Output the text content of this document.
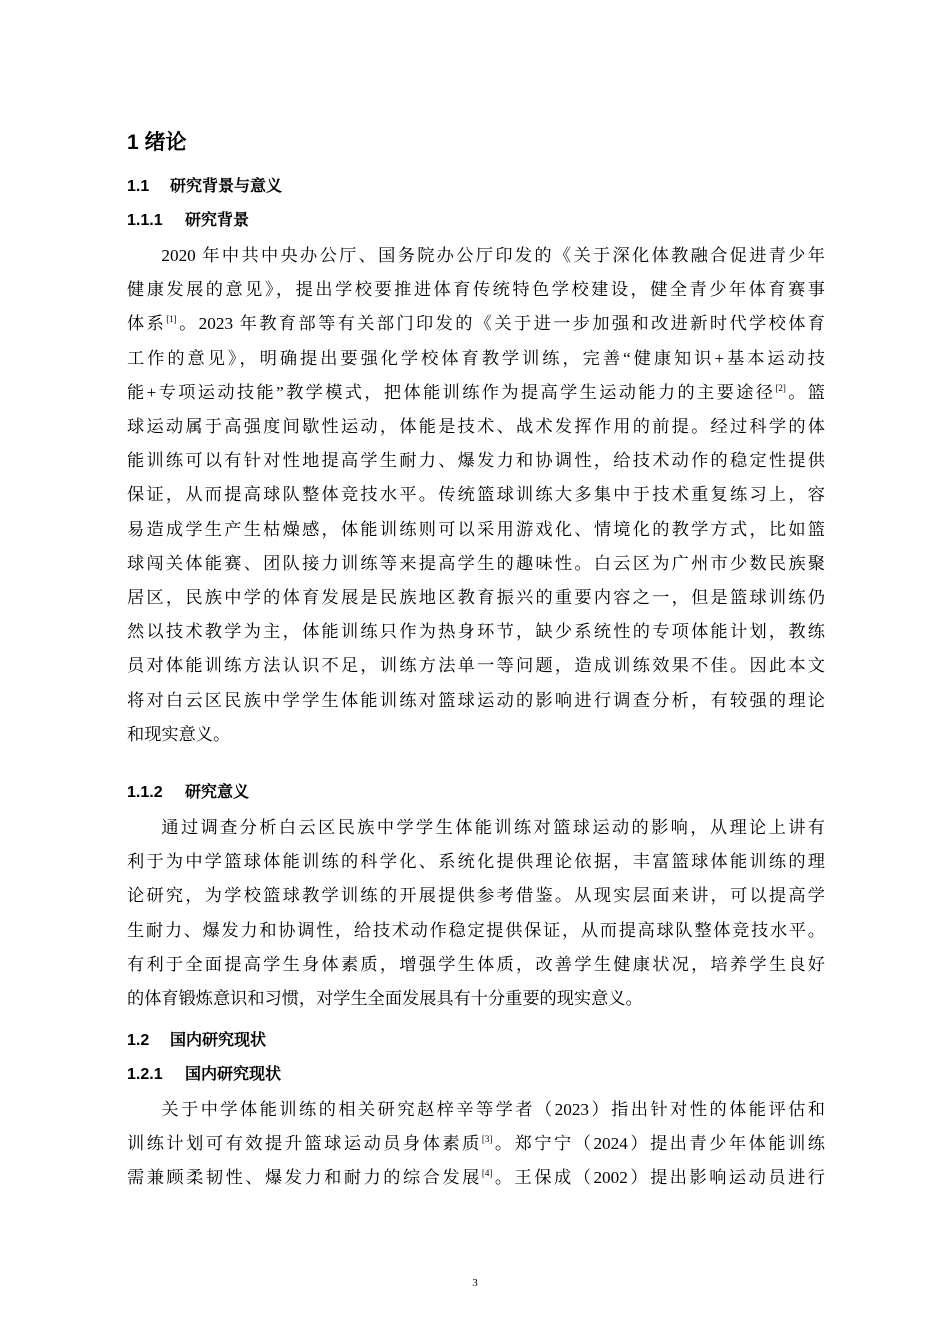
1 绪论
1.1 研究背景与意义
1.1.1 研究背景
2020 年中共中央办公厅、国务院办公厅印发的《关于深化体教融合促进青少年
健康发展的意见》，提出学校要推进体育传统特色学校建设，健全青少年体育赛事
体系[1]。2023 年教育部等有关部门印发的《关于进一步加强和改进新时代学校体育
工作的意见》，明确提出要强化学校体育教学训练，完善“健康知识+基本运动技
能+专项运动技能”教学模式，把体能训练作为提高学生运动能力的主要途径[2]。篮
球运动属于高强度间歇性运动，体能是技术、战术发挥作用的前提。经过科学的体
能训练可以有针对性地提高学生耐力、爆发力和协调性，给技术动作的稳定性提供
保证，从而提高球队整体竞技水平。传统篮球训练大多集中于技术重复练习上，容
易造成学生产生枯燥感，体能训练则可以采用游戏化、情境化的教学方式，比如篮
球闯关体能赛、团队接力训练等来提高学生的趣味性。白云区为广州市少数民族聚
居区，民族中学的体育发展是民族地区教育振兴的重要内容之一，但是篮球训练仍
然以技术教学为主，体能训练只作为热身环节，缺少系统性的专项体能计划，教练
员对体能训练方法认识不足，训练方法单一等问题，造成训练效果不佳。因此本文
将对白云区民族中学学生体能训练对篮球运动的影响进行调查分析，有较强的理论
和现实意义。
1.1.2 研究意义
通过调查分析白云区民族中学学生体能训练对篮球运动的影响，从理论上讲有
利于为中学篮球体能训练的科学化、系统化提供理论依据，丰富篮球体能训练的理
论研究，为学校篮球教学训练的开展提供参考借鉴。从现实层面来讲，可以提高学
生耐力、爆发力和协调性，给技术动作稳定提供保证，从而提高球队整体竞技水平。
有利于全面提高学生身体素质，增强学生体质，改善学生健康状况，培养学生良好
的体育锻炼意识和习惯，对学生全面发展具有十分重要的现实意义。
1.2 国内研究现状
1.2.1 国内研究现状
关于中学体能训练的相关研究赵梓辛等学者（2023）指出针对性的体能评估和
训练计划可有效提升篮球运动员身体素质[3]。郑宁宁（2024）提出青少年体能训练
需兼顾柔韧性、爆发力和耐力的综合发展[4]。王保成（2002）提出影响运动员进行
3
